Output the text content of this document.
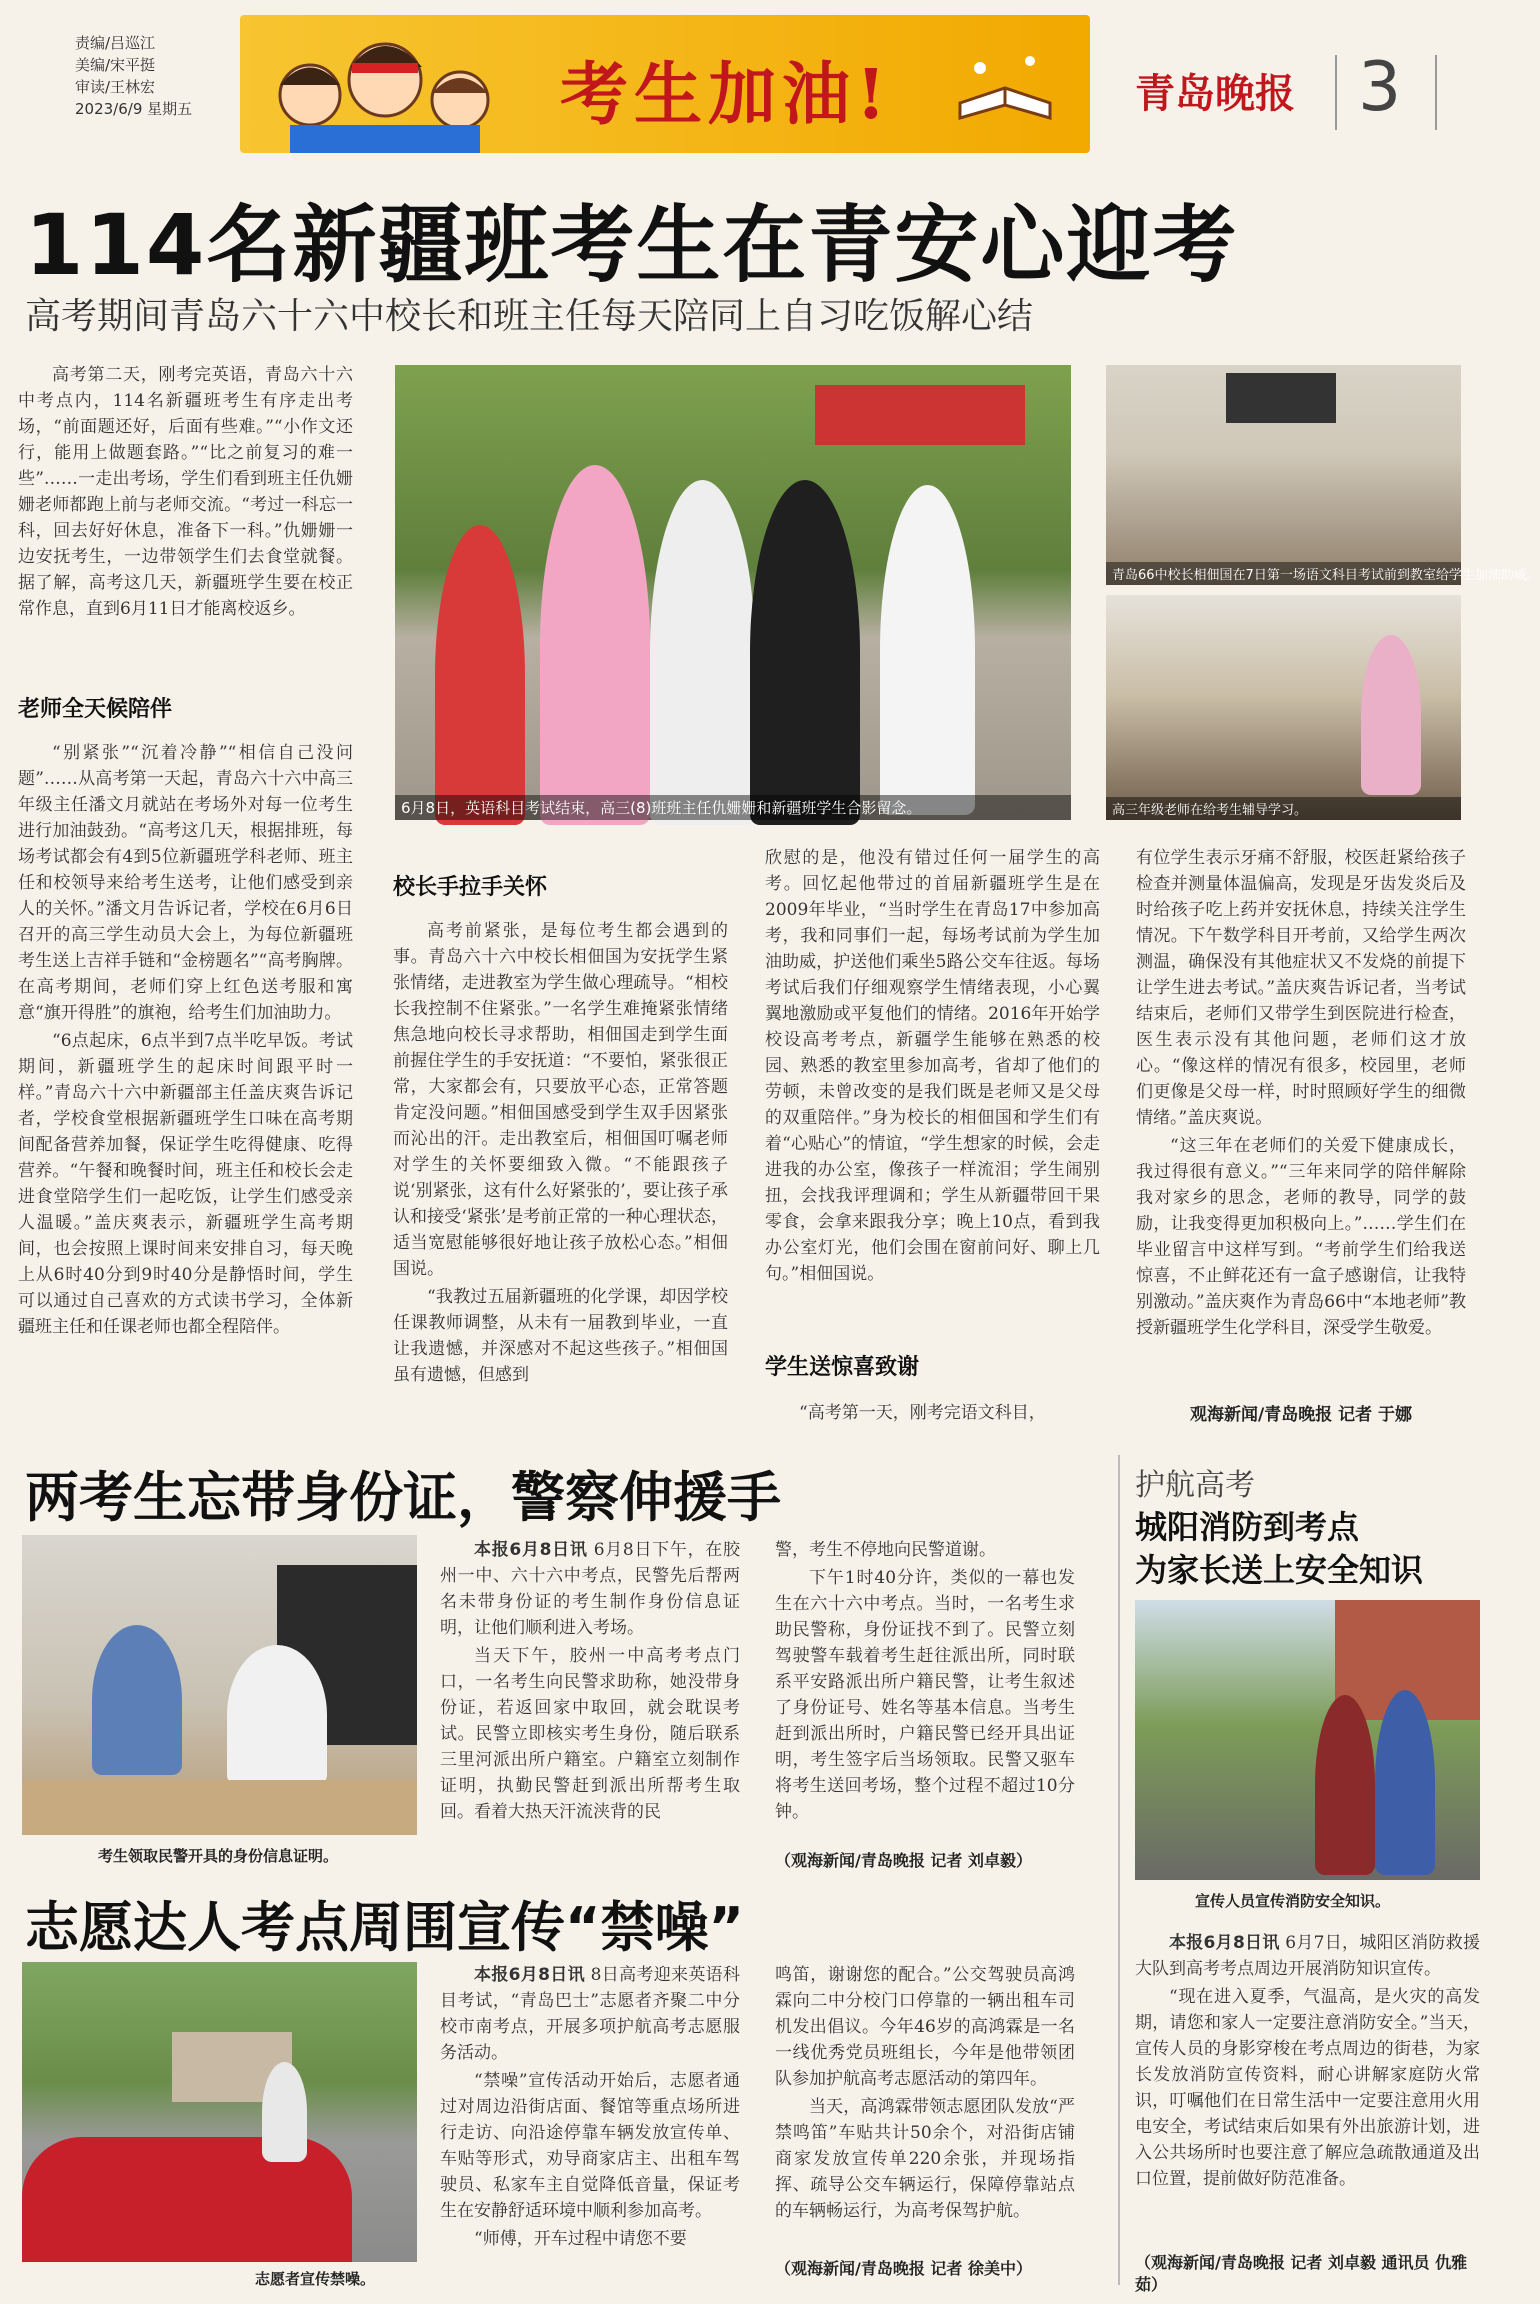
责编/吕巡江
美编/宋平挺
审读/王林宏
2023/6/9 星期五	考生加油!	青岛晚报 3
114名新疆班考生在青安心迎考
高考期间青岛六十六中校长和班主任每天陪同上自习吃饭解心结

高考第二天，刚考完英语，青岛六十六中考点内，114名新疆班考生有序走出考场，“前面题还好，后面有些难。”“小作文还行，能用上做题套路。”“比之前复习的难一些”……一走出考场，学生们看到班主任仇姗姗老师都跑上前与老师交流。“考过一科忘一科，回去好好休息，准备下一科。”仇姗姗一边安抚考生，一边带领学生们去食堂就餐。据了解，高考这几天，新疆班学生要在校正常作息，直到6月11日才能离校返乡。

老师全天候陪伴

“别紧张”“沉着冷静”“相信自己没问题”……从高考第一天起，青岛六十六中高三年级主任潘文月就站在考场外对每一位考生进行加油鼓劲。“高考这几天，根据排班，每场考试都会有4到5位新疆班学科老师、班主任和校领导来给考生送考，让他们感受到亲人的关怀。”潘文月告诉记者，学校在6月6日召开的高三学生动员大会上，为每位新疆班考生送上吉祥手链和“金榜题名”“高考胸牌。在高考期间，老师们穿上红色送考服和寓意“旗开得胜”的旗袍，给考生们加油助力。

“6点起床，6点半到7点半吃早饭。考试期间，新疆班学生的起床时间跟平时一样。”青岛六十六中新疆部主任盖庆爽告诉记者，学校食堂根据新疆班学生口味在高考期间配备营养加餐，保证学生吃得健康、吃得营养。“午餐和晚餐时间，班主任和校长会走进食堂陪学生们一起吃饭，让学生们感受亲人温暖。”盖庆爽表示，新疆班学生高考期间，也会按照上课时间来安排自习，每天晚上从6时40分到9时40分是静悟时间，学生可以通过自己喜欢的方式读书学习，全体新疆班主任和任课老师也都全程陪伴。

6月8日，英语科目考试结束，高三(8)班班主任仇姗姗和新疆班学生合影留念。
青岛66中校长相佃国在7日第一场语文科目考试前到教室给学生加油助威。
高三年级老师在给考生辅导学习。
校长手拉手关怀

高考前紧张，是每位考生都会遇到的事。青岛六十六中校长相佃国为安抚学生紧张情绪，走进教室为学生做心理疏导。“相校长我控制不住紧张。”一名学生难掩紧张情绪焦急地向校长寻求帮助，相佃国走到学生面前握住学生的手安抚道：“不要怕，紧张很正常，大家都会有，只要放平心态，正常答题肯定没问题。”相佃国感受到学生双手因紧张而沁出的汗。走出教室后，相佃国叮嘱老师对学生的关怀要细致入微。“不能跟孩子说‘别紧张，这有什么好紧张的’，要让孩子承认和接受‘紧张’是考前正常的一种心理状态，适当宽慰能够很好地让孩子放松心态。”相佃国说。

“我教过五届新疆班的化学课，却因学校任课教师调整，从未有一届教到毕业，一直让我遗憾，并深感对不起这些孩子。”相佃国虽有遗憾，但感到

欣慰的是，他没有错过任何一届学生的高考。回忆起他带过的首届新疆班学生是在2009年毕业，“当时学生在青岛17中参加高考，我和同事们一起，每场考试前为学生加油助威，护送他们乘坐5路公交车往返。每场考试后我们仔细观察学生情绪表现，小心翼翼地激励或平复他们的情绪。2016年开始学校设高考考点，新疆学生能够在熟悉的校园、熟悉的教室里参加高考，省却了他们的劳顿，未曾改变的是我们既是老师又是父母的双重陪伴。”身为校长的相佃国和学生们有着“心贴心”的情谊，“学生想家的时候，会走进我的办公室，像孩子一样流泪；学生闹别扭，会找我评理调和；学生从新疆带回干果零食，会拿来跟我分享；晚上10点，看到我办公室灯光，他们会围在窗前问好、聊上几句。”相佃国说。

学生送惊喜致谢

“高考第一天，刚考完语文科目，

有位学生表示牙痛不舒服，校医赶紧给孩子检查并测量体温偏高，发现是牙齿发炎后及时给孩子吃上药并安抚休息，持续关注学生情况。下午数学科目开考前，又给学生两次测温，确保没有其他症状又不发烧的前提下让学生进去考试。”盖庆爽告诉记者，当考试结束后，老师们又带学生到医院进行检查，医生表示没有其他问题，老师们这才放心。“像这样的情况有很多，校园里，老师们更像是父母一样，时时照顾好学生的细微情绪。”盖庆爽说。

“这三年在老师们的关爱下健康成长，我过得很有意义。”“三年来同学的陪伴解除我对家乡的思念，老师的教导，同学的鼓励，让我变得更加积极向上。”……学生们在毕业留言中这样写到。“考前学生们给我送惊喜，不止鲜花还有一盒子感谢信，让我特别激动。”盖庆爽作为青岛66中“本地老师”教授新疆班学生化学科目，深受学生敬爱。

观海新闻/青岛晚报 记者 于娜
两考生忘带身份证，警察伸援手
考生领取民警开具的身份信息证明。

本报6月8日讯 6月8日下午，在胶州一中、六十六中考点，民警先后帮两名未带身份证的考生制作身份信息证明，让他们顺利进入考场。

当天下午，胶州一中高考考点门口，一名考生向民警求助称，她没带身份证，若返回家中取回，就会耽误考试。民警立即核实考生身份，随后联系三里河派出所户籍室。户籍室立刻制作证明，执勤民警赶到派出所帮考生取回。看着大热天汗流浃背的民

警，考生不停地向民警道谢。

下午1时40分许，类似的一幕也发生在六十六中考点。当时，一名考生求助民警称，身份证找不到了。民警立刻驾驶警车载着考生赶往派出所，同时联系平安路派出所户籍民警，让考生叙述了身份证号、姓名等基本信息。当考生赶到派出所时，户籍民警已经开具出证明，考生签字后当场领取。民警又驱车将考生送回考场，整个过程不超过10分钟。

（观海新闻/青岛晚报 记者 刘卓毅）
志愿达人考点周围宣传“禁噪”
志愿者宣传禁噪。

本报6月8日讯 8日高考迎来英语科目考试，“青岛巴士”志愿者齐聚二中分校市南考点，开展多项护航高考志愿服务活动。

“禁噪”宣传活动开始后，志愿者通过对周边沿街店面、餐馆等重点场所进行走访、向沿途停靠车辆发放宣传单、车贴等形式，劝导商家店主、出租车驾驶员、私家车主自觉降低音量，保证考生在安静舒适环境中顺利参加高考。

“师傅，开车过程中请您不要

鸣笛，谢谢您的配合。”公交驾驶员高鸿霖向二中分校门口停靠的一辆出租车司机发出倡议。今年46岁的高鸿霖是一名一线优秀党员班组长，今年是他带领团队参加护航高考志愿活动的第四年。

当天，高鸿霖带领志愿团队发放“严禁鸣笛”车贴共计50余个，对沿街店铺商家发放宣传单220余张，并现场指挥、疏导公交车辆运行，保障停靠站点的车辆畅运行，为高考保驾护航。

（观海新闻/青岛晚报 记者 徐美中）
护航高考
城阳消防到考点
为家长送上安全知识
宣传人员宣传消防安全知识。

本报6月8日讯 6月7日，城阳区消防救援大队到高考考点周边开展消防知识宣传。

“现在进入夏季，气温高，是火灾的高发期，请您和家人一定要注意消防安全。”当天，宣传人员的身影穿梭在考点周边的街巷，为家长发放消防宣传资料，耐心讲解家庭防火常识，叮嘱他们在日常生活中一定要注意用火用电安全，考试结束后如果有外出旅游计划，进入公共场所时也要注意了解应急疏散通道及出口位置，提前做好防范准备。

（观海新闻/青岛晚报 记者 刘卓毅 通讯员 仇雅茹）
